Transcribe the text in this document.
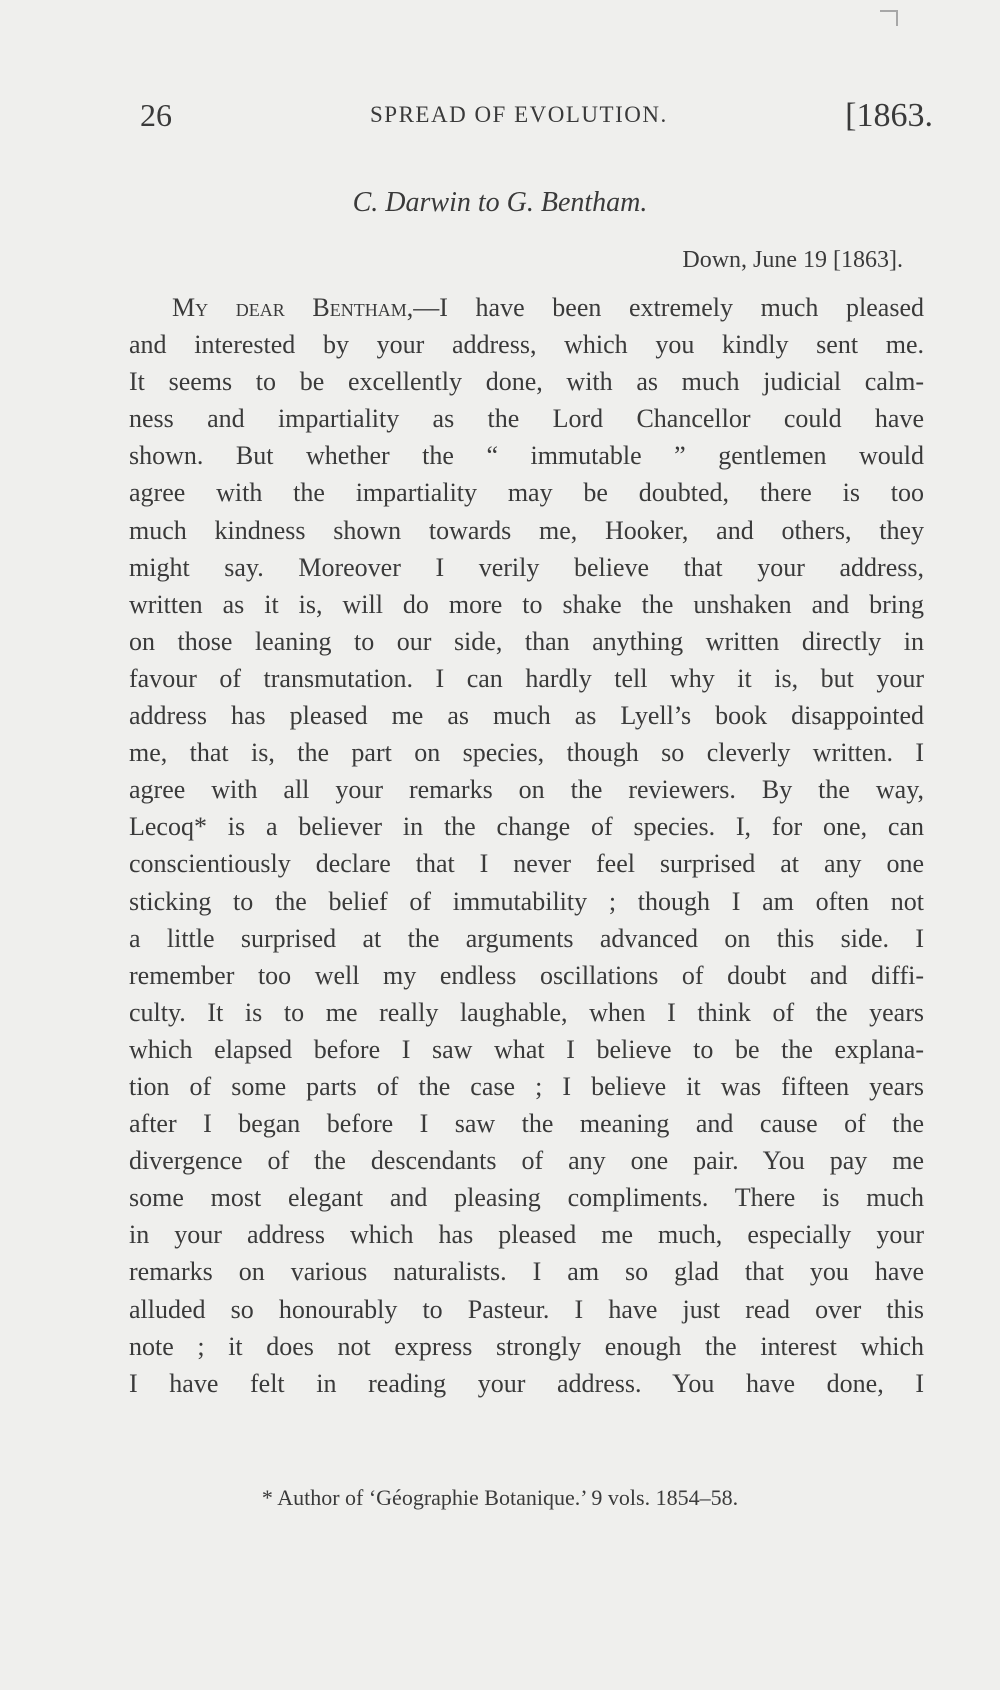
26	SPREAD OF EVOLUTION.	[1863.
C. Darwin to G. Bentham.
Down, June 19 [1863].
My dear Bentham,—I have been extremely much pleased
and interested by your address, which you kindly sent me.
It seems to be excellently done, with as much judicial calm-
ness and impartiality as the Lord Chancellor could have
shown. But whether the “ immutable ” gentlemen would
agree with the impartiality may be doubted, there is too
much kindness shown towards me, Hooker, and others, they
might say. Moreover I verily believe that your address,
written as it is, will do more to shake the unshaken and bring
on those leaning to our side, than anything written directly in
favour of transmutation. I can hardly tell why it is, but your
address has pleased me as much as Lyell’s book disappointed
me, that is, the part on species, though so cleverly written. I
agree with all your remarks on the reviewers. By the way,
Lecoq* is a believer in the change of species. I, for one, can
conscientiously declare that I never feel surprised at any one
sticking to the belief of immutability ; though I am often not
a little surprised at the arguments advanced on this side. I
remember too well my endless oscillations of doubt and diffi-
culty. It is to me really laughable, when I think of the years
which elapsed before I saw what I believe to be the explana-
tion of some parts of the case ; I believe it was fifteen years
after I began before I saw the meaning and cause of the
divergence of the descendants of any one pair. You pay me
some most elegant and pleasing compliments. There is much
in your address which has pleased me much, especially your
remarks on various naturalists. I am so glad that you have
alluded so honourably to Pasteur. I have just read over this
note ; it does not express strongly enough the interest which
I have felt in reading your address. You have done, I
* Author of ‘Géographie Botanique.’ 9 vols. 1854–58.
